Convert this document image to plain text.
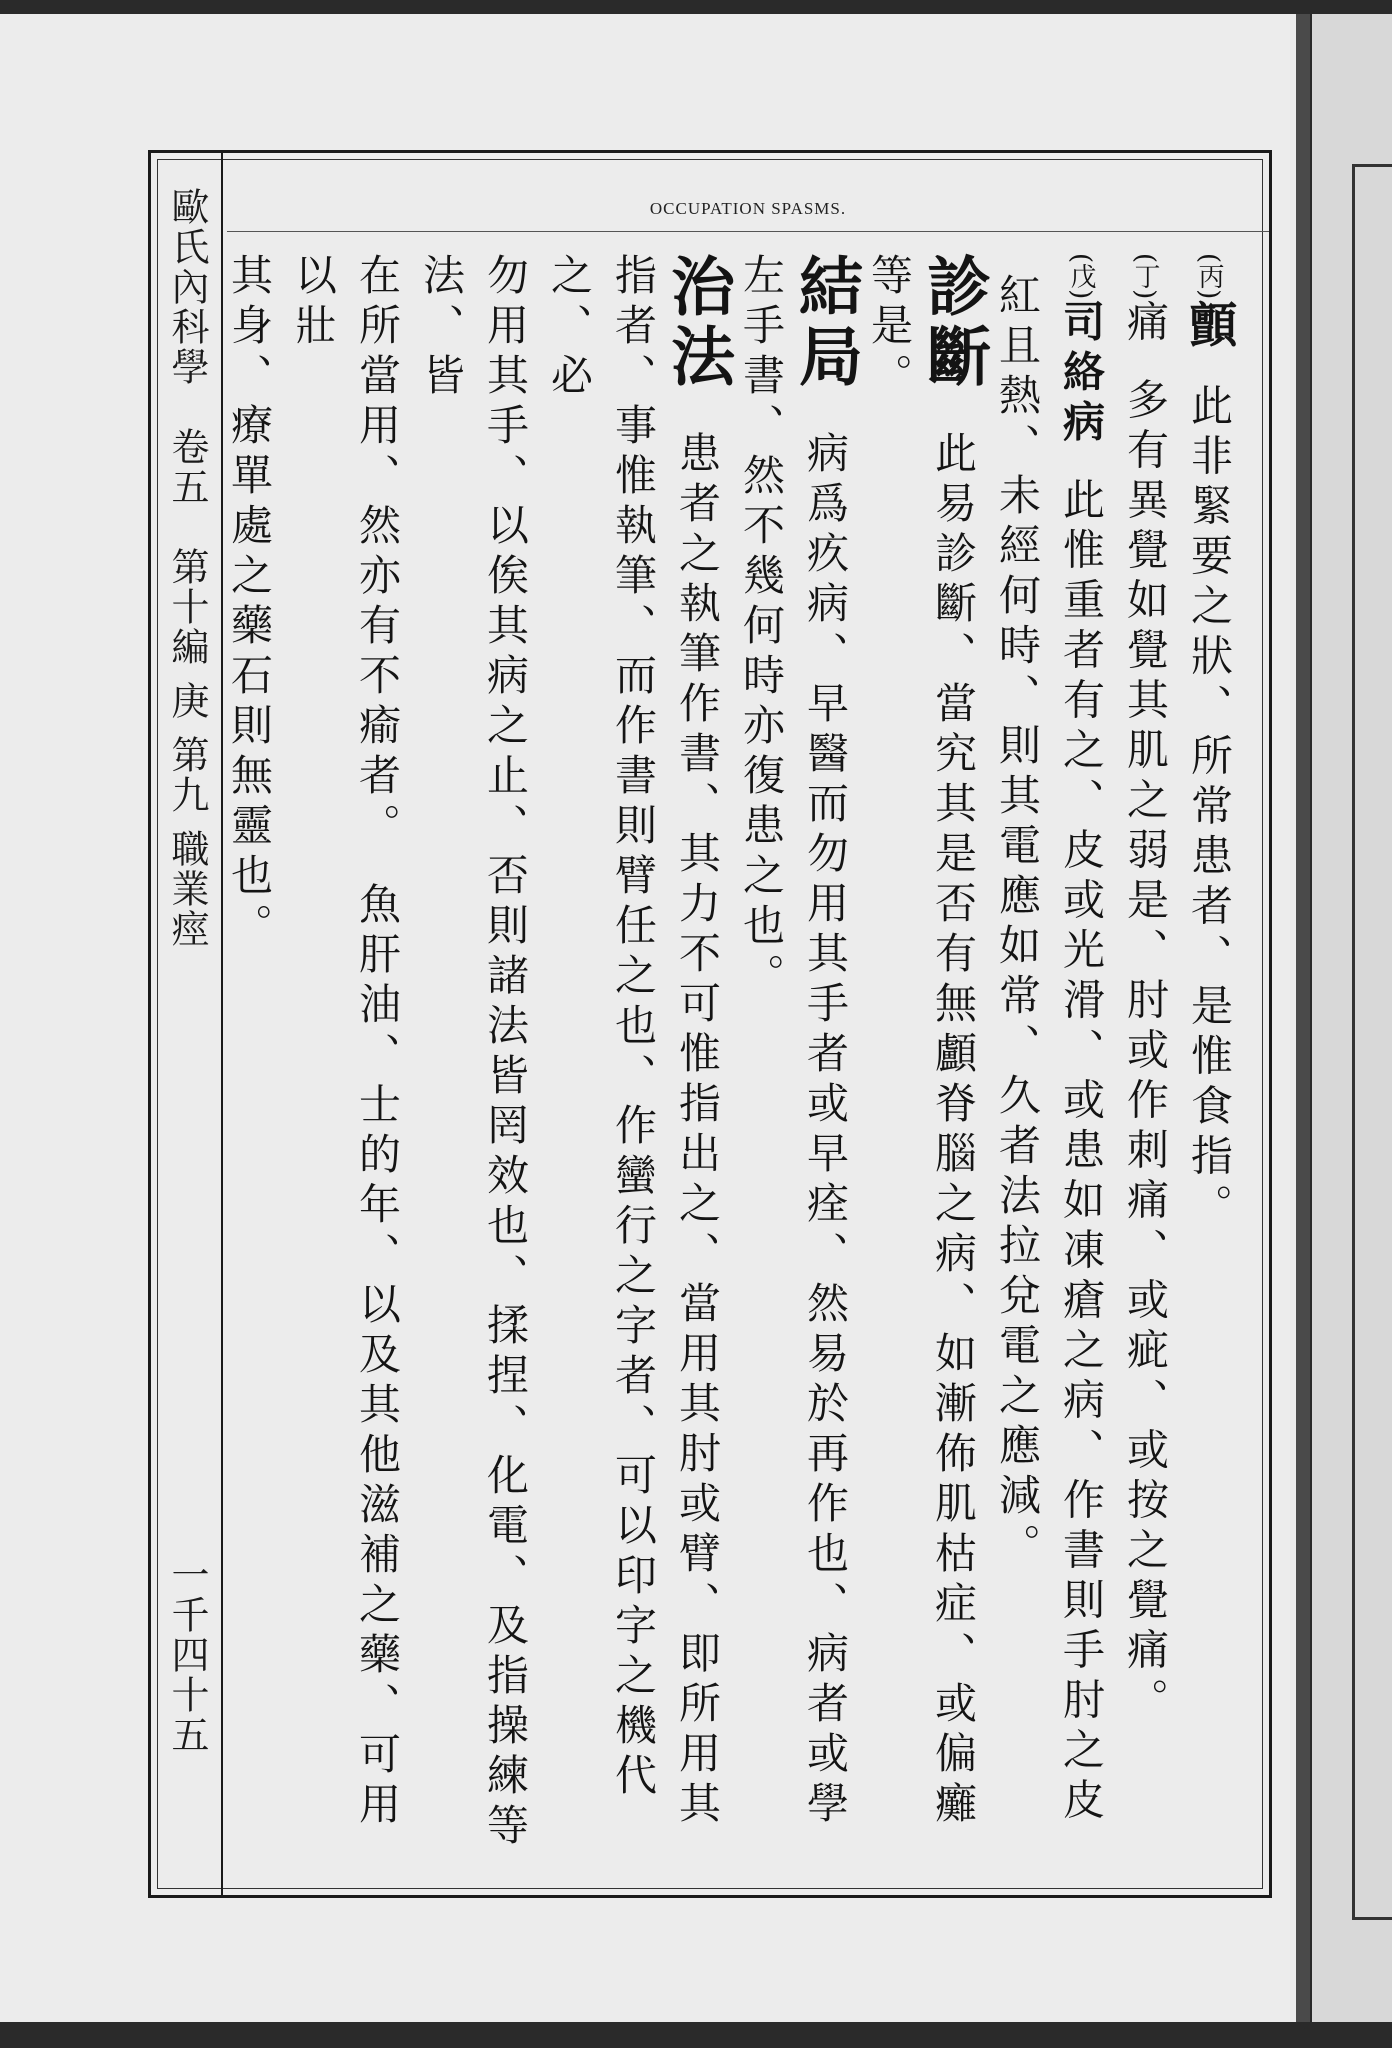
歐氏內科學 卷五 第十編 庚 第九 職業痙
一千四十五
OCCUPATION SPASMS.

(丙)顫此非緊要之狀、所常患者、是惟食指。

(丁)痛多有異覺如覺其肌之弱是、肘或作刺痛、或疵、或按之覺痛。

(戊)司絡病此惟重者有之、皮或光滑、或患如凍瘡之病、作書則手肘之皮

紅且熱、未經何時、則其電應如常、久者法拉兌電之應減。

診斷此易診斷、當究其是否有無顱脊腦之病、如漸佈肌枯症、或偏癱

等是。

結局病爲疚病、早醫而勿用其手者或早痊、然易於再作也、病者或學

左手書、然不幾何時亦復患之也。

治法患者之執筆作書、其力不可惟指出之、當用其肘或臂、即所用其

指者、事惟執筆、而作書則臂任之也、作蠻行之字者、可以印字之機代之、必

勿用其手、以俟其病之止、否則諸法皆罔效也、揉捏、化電、及指操練等法、皆

在所當用、然亦有不瘉者。　魚肝油、士的年、以及其他滋補之藥、可用以壯

其身、療單處之藥石則無靈也。
